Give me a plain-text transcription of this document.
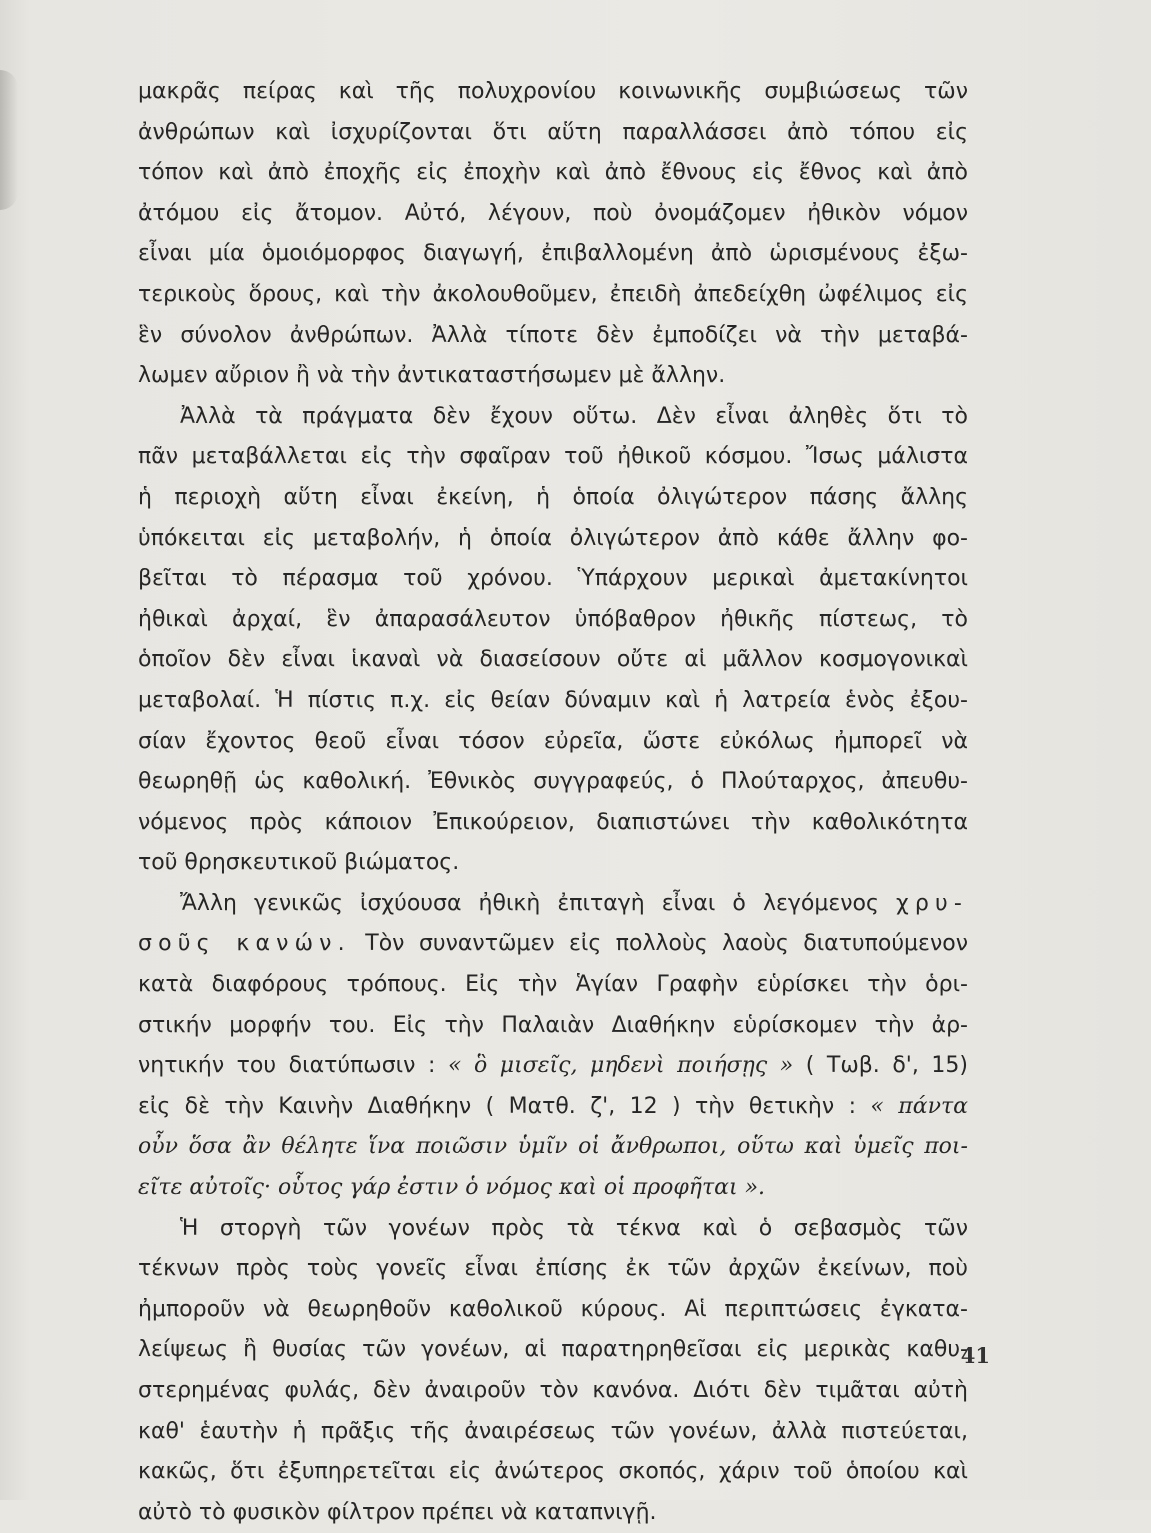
μακρᾶς πείρας καὶ τῆς πολυχρονίου κοινωνικῆς συμβιώσεως τῶν
ἀνθρώπων καὶ ἰσχυρίζονται ὅτι αὕτη παραλλάσσει ἀπὸ τόπου εἰς
τόπον καὶ ἀπὸ ἐποχῆς εἰς ἐποχὴν καὶ ἀπὸ ἔθνους εἰς ἔθνος καὶ ἀπὸ
ἀτόμου εἰς ἄτομον. Αὐτό, λέγουν, ποὺ ὀνομάζομεν ἠθικὸν νόμον
εἶναι μία ὁμοιόμορφος διαγωγή, ἐπιβαλλομένη ἀπὸ ὡρισμένους ἐξω-
τερικοὺς ὅρους, καὶ τὴν ἀκολουθοῦμεν, ἐπειδὴ ἀπεδείχθη ὠφέλιμος εἰς
ἓν σύνολον ἀνθρώπων. Ἀλλὰ τίποτε δὲν ἐμποδίζει νὰ τὴν μεταβά-
λωμεν αὔριον ἢ νὰ τὴν ἀντικαταστήσωμεν μὲ ἄλλην.
Ἀλλὰ τὰ πράγματα δὲν ἔχουν οὕτω. Δὲν εἶναι ἀληθὲς ὅτι τὸ
πᾶν μεταβάλλεται εἰς τὴν σφαῖραν τοῦ ἠθικοῦ κόσμου. Ἴσως μάλιστα
ἡ περιοχὴ αὕτη εἶναι ἐκείνη, ἡ ὁποία ὀλιγώτερον πάσης ἄλλης
ὑπόκειται εἰς μεταβολήν, ἡ ὁποία ὀλιγώτερον ἀπὸ κάθε ἄλλην φο-
βεῖται τὸ πέρασμα τοῦ χρόνου. Ὑπάρχουν μερικαὶ ἀμετακίνητοι
ἠθικαὶ ἀρχαί, ἓν ἀπαρασάλευτον ὑπόβαθρον ἠθικῆς πίστεως, τὸ
ὁποῖον δὲν εἶναι ἱκαναὶ νὰ διασείσουν οὔτε αἱ μᾶλλον κοσμογονικαὶ
μεταβολαί. Ἡ πίστις π.χ. εἰς θείαν δύναμιν καὶ ἡ λατρεία ἑνὸς ἐξου-
σίαν ἔχοντος θεοῦ εἶναι τόσον εὐρεῖα, ὥστε εὐκόλως ἠμπορεῖ νὰ
θεωρηθῇ ὡς καθολική. Ἐθνικὸς συγγραφεύς, ὁ Πλούταρχος, ἀπευθυ-
νόμενος πρὸς κάποιον Ἐπικούρειον, διαπιστώνει τὴν καθολικότητα
τοῦ θρησκευτικοῦ βιώματος.
Ἄλλη γενικῶς ἰσχύουσα ἠθικὴ ἐπιταγὴ εἶναι ὁ λεγόμενος χρυ-
σοῦς κανών. Τὸν συναντῶμεν εἰς πολλοὺς λαοὺς διατυπούμενον
κατὰ διαφόρους τρόπους. Εἰς τὴν Ἁγίαν Γραφὴν εὑρίσκει τὴν ὁρι-
στικήν μορφήν του. Εἰς τὴν Παλαιὰν Διαθήκην εὑρίσκομεν τὴν ἀρ-
νητικήν του διατύπωσιν : « ὃ μισεῖς, μηδενὶ ποιήσῃς » ( Τωβ. δ', 15)
εἰς δὲ τὴν Καινὴν Διαθήκην ( Ματθ. ζ', 12 ) τὴν θετικὴν : « πάντα
οὖν ὅσα ἂν θέλητε ἵνα ποιῶσιν ὑμῖν οἱ ἄνθρωποι, οὕτω καὶ ὑμεῖς ποι-
εῖτε αὐτοῖς· οὗτος γάρ ἐστιν ὁ νόμος καὶ οἱ προφῆται ».
Ἡ στοργὴ τῶν γονέων πρὸς τὰ τέκνα καὶ ὁ σεβασμὸς τῶν
τέκνων πρὸς τοὺς γονεῖς εἶναι ἐπίσης ἐκ τῶν ἀρχῶν ἐκείνων, ποὺ
ἠμποροῦν νὰ θεωρηθοῦν καθολικοῦ κύρους. Αἱ περιπτώσεις ἐγκατα-
λείψεως ἢ θυσίας τῶν γονέων, αἱ παρατηρηθεῖσαι εἰς μερικὰς καθυ-
στερημένας φυλάς, δὲν ἀναιροῦν τὸν κανόνα. Διότι δὲν τιμᾶται αὐτὴ
καθ' ἑαυτὴν ἡ πρᾶξις τῆς ἀναιρέσεως τῶν γονέων, ἀλλὰ πιστεύεται,
κακῶς, ὅτι ἐξυπηρετεῖται εἰς ἀνώτερος σκοπός, χάριν τοῦ ὁποίου καὶ
αὐτὸ τὸ φυσικὸν φίλτρον πρέπει νὰ καταπνιγῇ.
41
